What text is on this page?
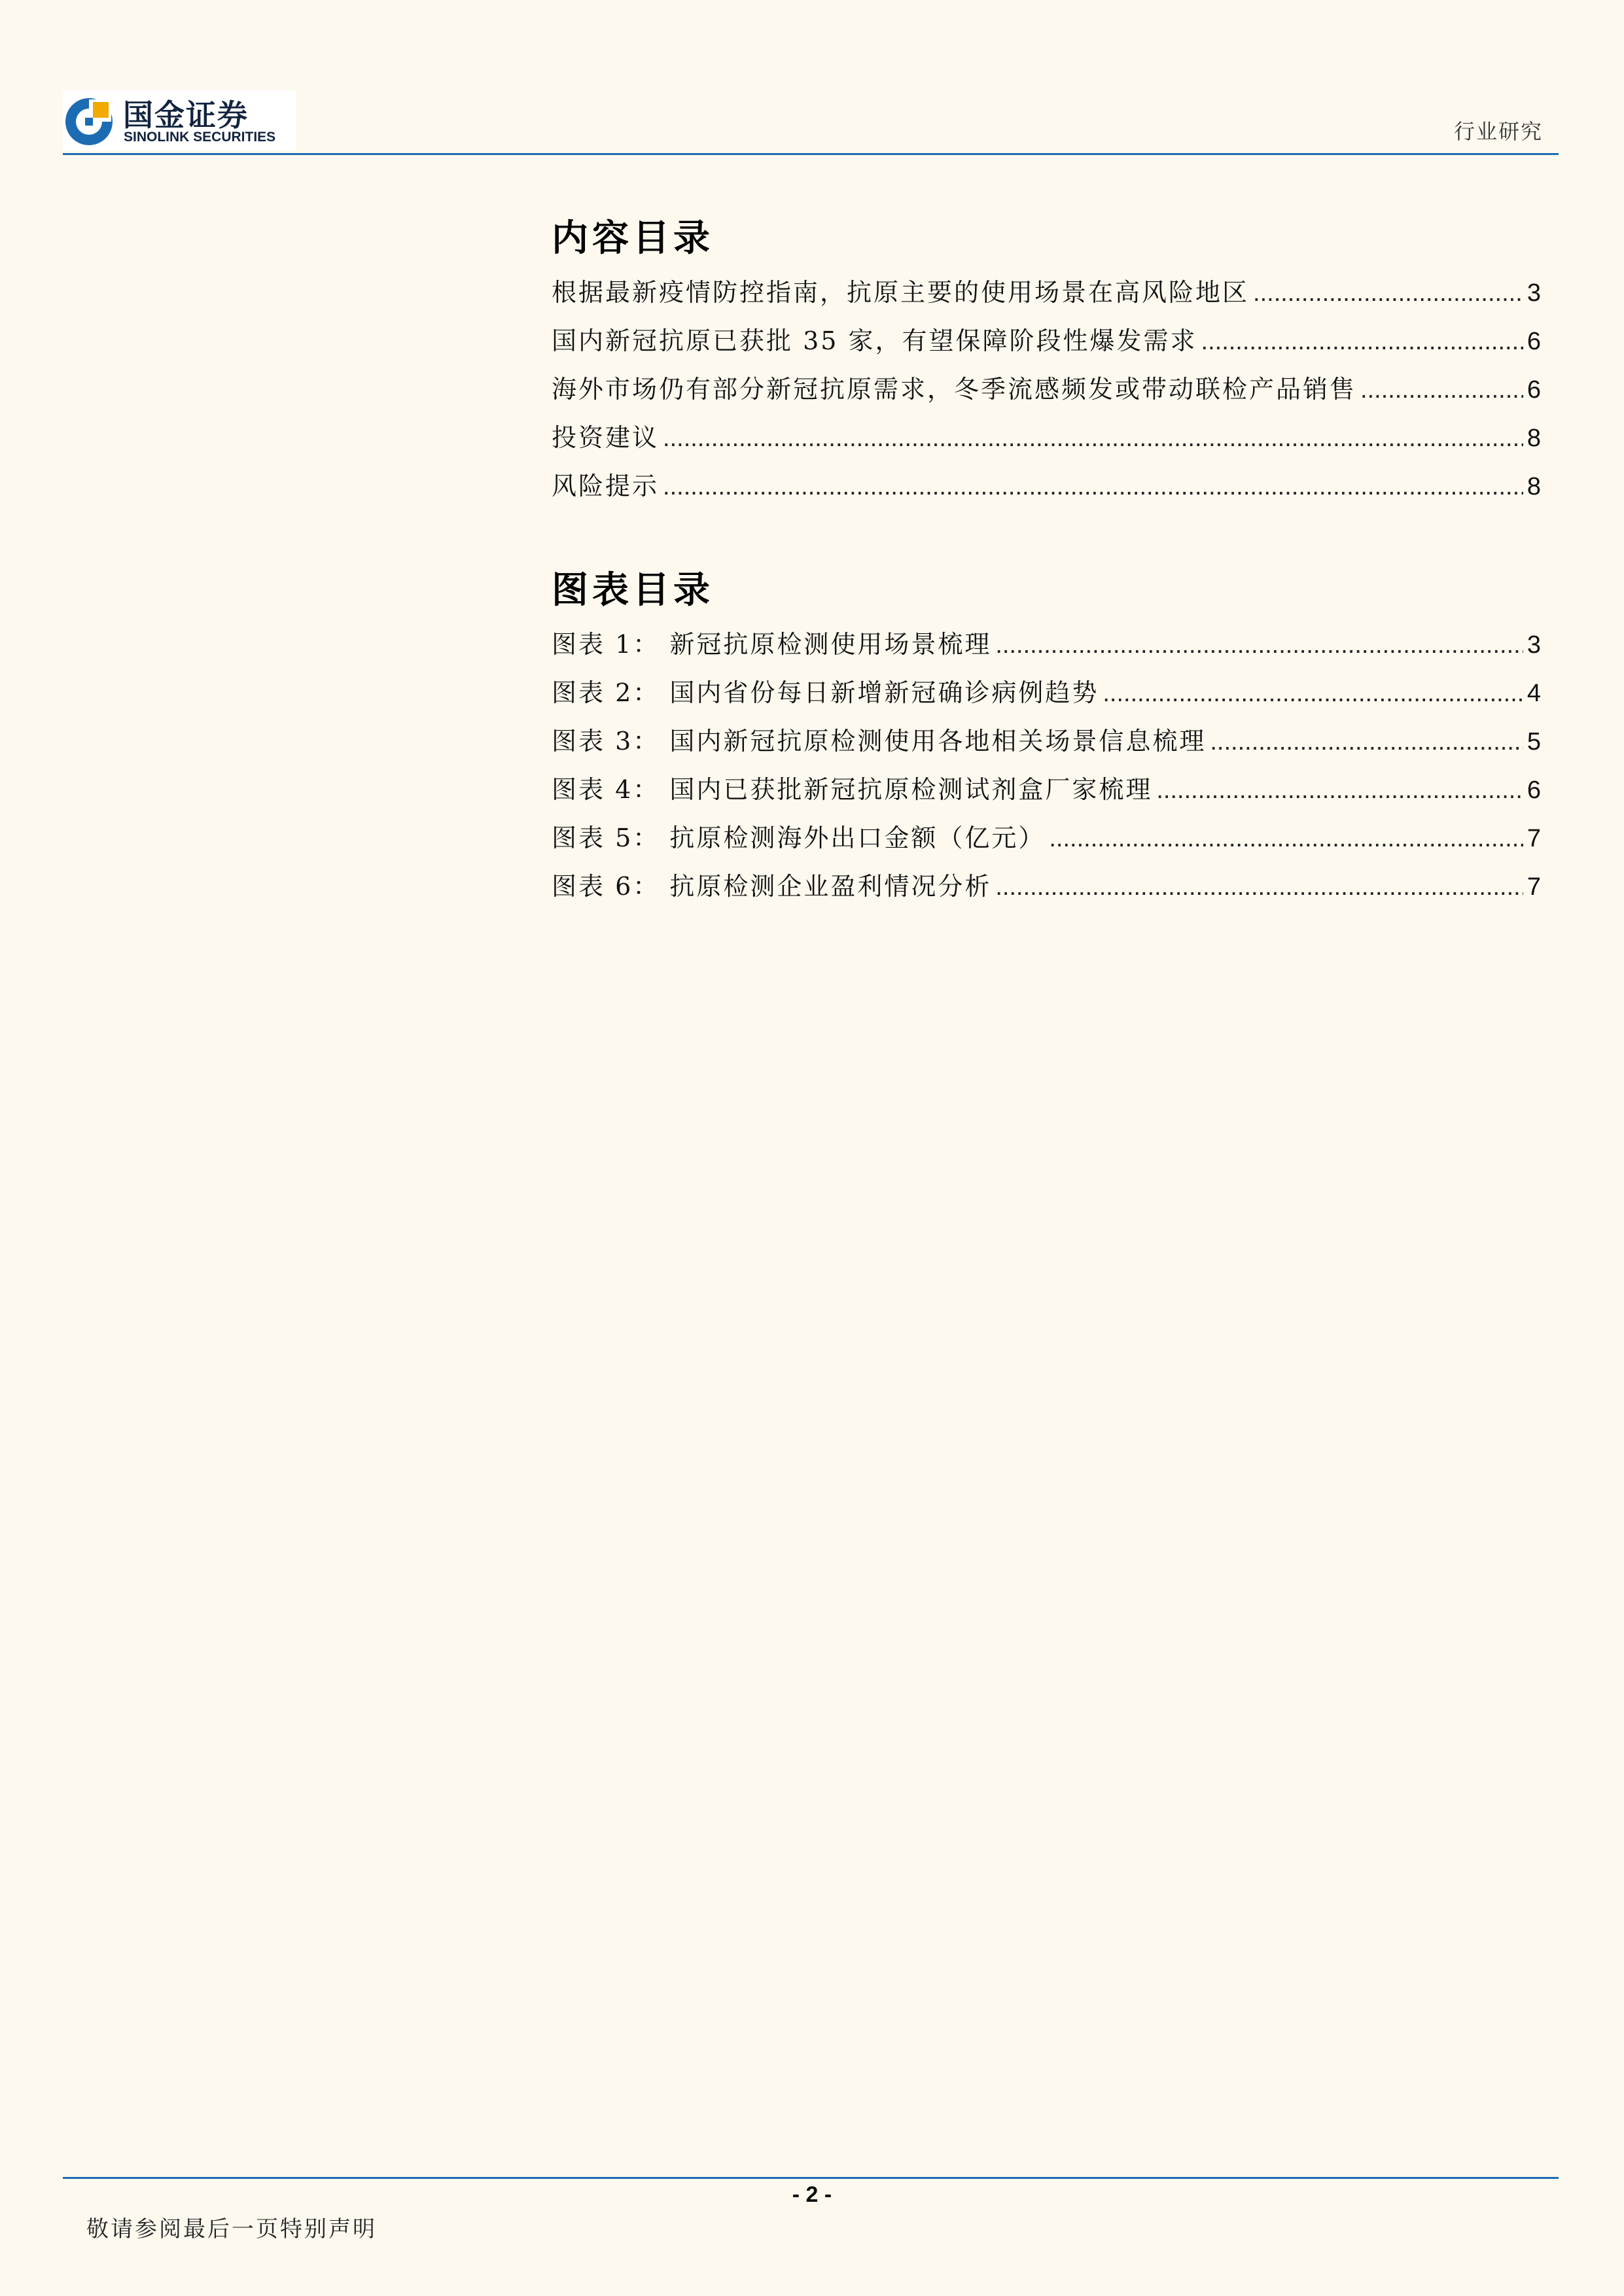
国金证券
SINOLINK SECURITIES	行业研究
内容目录
根据最新疫情防控指南，抗原主要的使用场景在高风险地区 .....	3
国内新冠抗原已获批 35 家，有望保障阶段性爆发需求 .....	6
海外市场仍有部分新冠抗原需求，冬季流感频发或带动联检产品销售 .....	6
投资建议 .....	8
风险提示 .....	8
图表目录
图表 1： 新冠抗原检测使用场景梳理 .....	3
图表 2： 国内省份每日新增新冠确诊病例趋势 .....	4
图表 3： 国内新冠抗原检测使用各地相关场景信息梳理 .....	5
图表 4： 国内已获批新冠抗原检测试剂盒厂家梳理 .....	6
图表 5： 抗原检测海外出口金额（亿元） .....	7
图表 6： 抗原检测企业盈利情况分析 .....	7
- 2 -
敬请参阅最后一页特别声明
